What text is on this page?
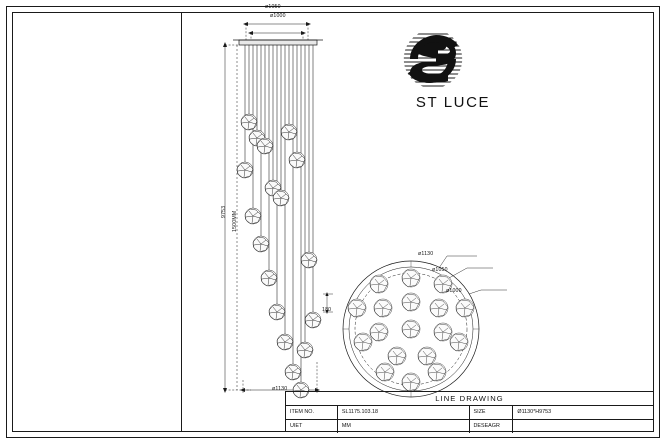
ST LUCE
ø1050
ø1000
9753 1500MM
ø1130
ø1130
ø1050
ø1000
180
LINE DRAWING
ITEM NO.	SL1175.103.18	SIZE	Ø1130*H9753
UIET	MM	DESEAGR
